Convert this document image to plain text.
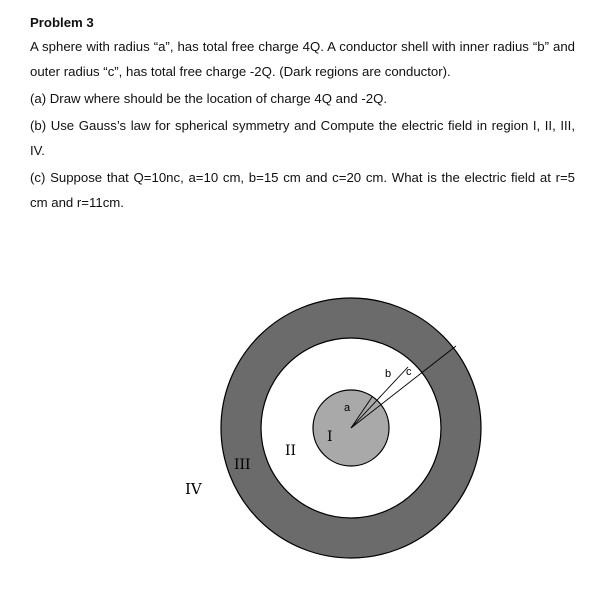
Problem 3
A sphere with radius “a”, has total free charge 4Q. A conductor shell with inner radius “b” and outer radius “c”, has total free charge -2Q. (Dark regions are conductor).
(a) Draw where should be the location of charge 4Q and -2Q.
(b) Use Gauss’s law for spherical symmetry and Compute the electric field in region I, II, III, IV.
(c) Suppose that Q=10nc, a=10 cm, b=15 cm and c=20 cm. What is the electric field at r=5 cm and r=11cm.
a
b c
I
II
III
IV
